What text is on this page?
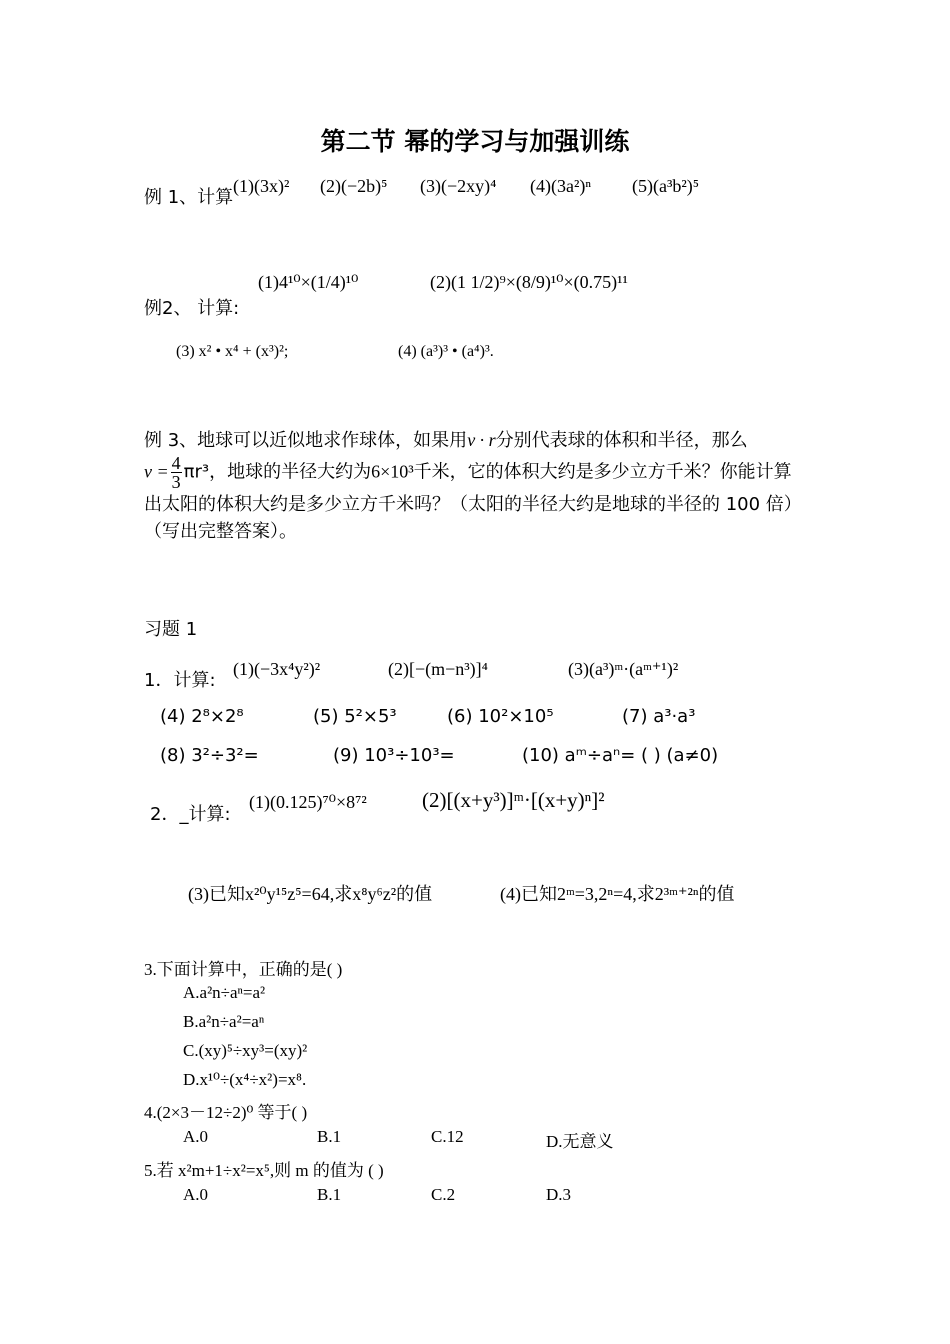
第二节 幂的学习与加强训练
例 1、计算
(1)(3x)² (2)(−2b)⁵ (3)(−2xy)⁴ (4)(3a²)ⁿ (5)(a³b²)⁵
例2、 计算:
(1)4¹⁰×(1/4)¹⁰	(2)(1 1/2)⁹×(8/9)¹⁰×(0.75)¹¹
(3) x² • x⁴ + (x³)²;	(4) (a³)³ • (a⁴)³.
例 3、地球可以近似地求作球体，如果用v · r分别代表球的体积和半径，那么
$v = \frac{4}{3} \pi r^3$，地球的半径大约为6×10³千米，它的体积大约是多少立方千米？你能计算出太阳的体积大约是多少立方千米吗？（太阳的半径大约是地球的半径的 100 倍）（写出完整答案）。
习题 1
1．计算:
(1)(−3x⁴y²)²	(2)[−(m−n³)]⁴	(3)(a³)ᵐ·(aᵐ⁺¹)²
(4) 2⁸×2⁸	(5) 5²×5³	(6) 10²×10⁵	(7) a³·a³
(8) 3²÷3²=	(9) 10³÷10³=	(10) aᵐ÷aⁿ= ( ) (a≠0)
2．_计算:
(1)(0.125)⁷⁰×8⁷²	(2)[(x+y³)]ᵐ·[(x+y)ⁿ]²
(3)已知x²⁰y¹⁵z⁵=64,求x⁸y⁶z²的值	(4)已知2ᵐ=3,2ⁿ=4,求2³ᵐ⁺²ⁿ的值
3.下面计算中，正确的是( )
A.a²n÷aⁿ=a²
B.a²n÷a²=aⁿ
C.(xy)⁵÷xy³=(xy)²
D.x¹⁰÷(x⁴÷x²)=x⁸.
4.(2×3－12÷2)⁰ 等于( )
A.0	B.1	C.12	D.无意义
5.若 x²m+1÷x²=x⁵,则 m 的值为 ( )
A.0	B.1	C.2	D.3
